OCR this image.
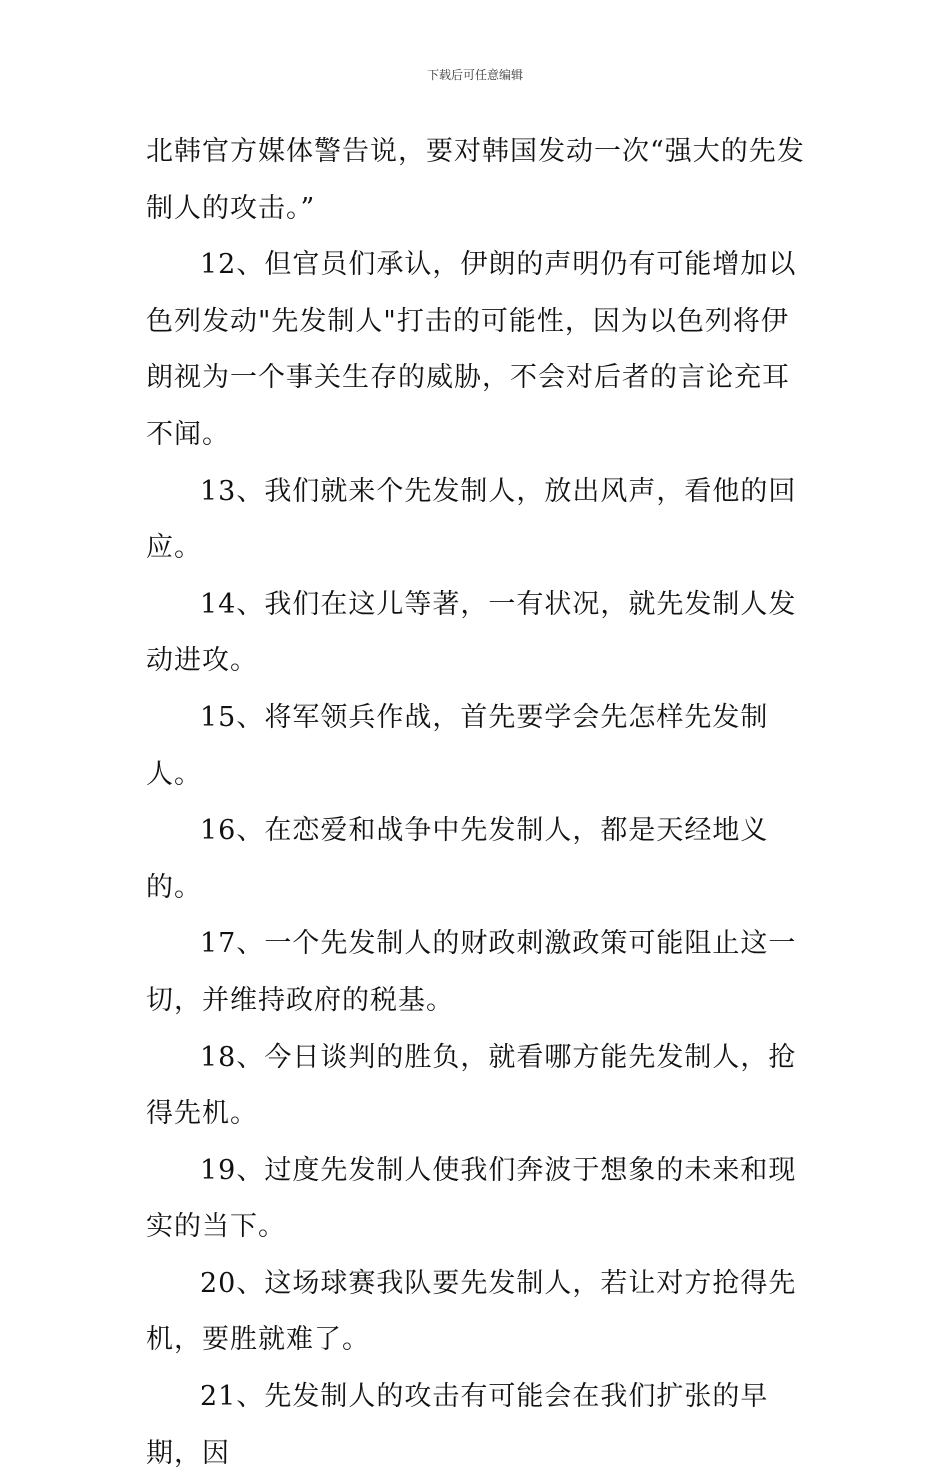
下载后可任意编辑

北韩官方媒体警告说，要对韩国发动一次“强大的先发制人的攻击。”

12、但官员们承认，伊朗的声明仍有可能增加以色列发动"先发制人"打击的可能性，因为以色列将伊朗视为一个事关生存的威胁，不会对后者的言论充耳不闻。

13、我们就来个先发制人，放出风声，看他的回应。

14、我们在这儿等著，一有状况，就先发制人发动进攻。

15、将军领兵作战，首先要学会先怎样先发制人。

16、在恋爱和战争中先发制人，都是天经地义的。

17、一个先发制人的财政刺激政策可能阻止这一切，并维持政府的税基。

18、今日谈判的胜负，就看哪方能先发制人，抢得先机。

19、过度先发制人使我们奔波于想象的未来和现实的当下。

20、这场球赛我队要先发制人，若让对方抢得先机，要胜就难了。

21、先发制人的攻击有可能会在我们扩张的早期，因
